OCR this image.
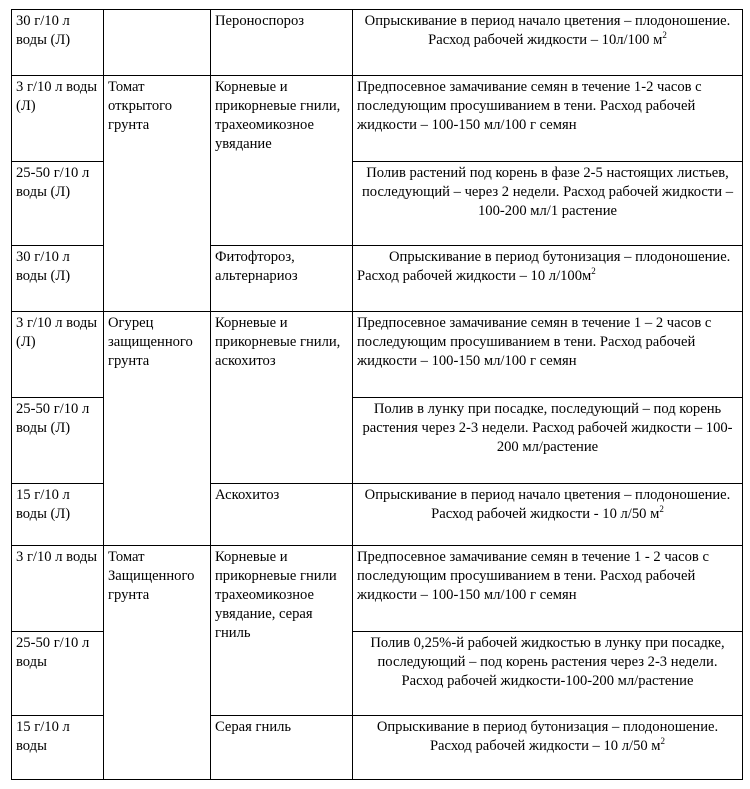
30 г/10 л воды (Л)		Пероноспороз	Опрыскивание в период начало цветения – плодоношение. Расход рабочей жидкости – 10л/100 $м^2$
3 г/10 л воды (Л)	Томат открытого грунта	Корневые и прикорневые гнили, трахеомикозное увядание	Предпосевное замачивание семян в течение 1-2 часов с последующим просушиванием в тени. Расход рабочей жидкости – 100-150 мл/100 г семян
25-50 г/10 л воды (Л)			Полив растений под корень в фазе 2-5 настоящих листьев, последующий – через 2 недели. Расход рабочей жидкости – 100-200 мл/1 растение
30 г/10 л воды (Л)		Фитофтороз, альтернариоз	Опрыскивание в период бутонизация – плодоношение. Расход рабочей жидкости – 10 $л/100м^2$
3 г/10 л воды (Л)	Огурец защищенного грунта	Корневые и прикорневые гнили, аскохитоз	Предпосевное замачивание семян в течение 1 – 2 часов с последующим просушиванием в тени. Расход рабочей жидкости – 100-150 мл/100 г семян
25-50 г/10 л воды (Л)			Полив в лунку при посадке, последующий – под корень растения через 2-3 недели. Расход рабочей жидкости – 100-200 мл/растение
15 г/10 л воды (Л)		Аскохитоз	Опрыскивание в период начало цветения – плодоношение. Расход рабочей жидкости - 10 л/50 $м^2$
3 г/10 л воды	Томат Защищенного грунта	Корневые и прикорневые гнили трахеомикозное увядание, серая гниль	Предпосевное замачивание семян в течение 1 - 2 часов с последующим просушиванием в тени. Расход рабочей жидкости – 100-150 мл/100 г семян
25-50 г/10 л воды			Полив 0,25%-й рабочей жидкостью в лунку при посадке, последующий – под корень растения через 2-3 недели. Расход рабочей жидкости-100-200 мл/растение
15 г/10 л воды		Серая гниль	Опрыскивание в период бутонизация – плодоношение. Расход рабочей жидкости – 10 л/50 $м^2$
